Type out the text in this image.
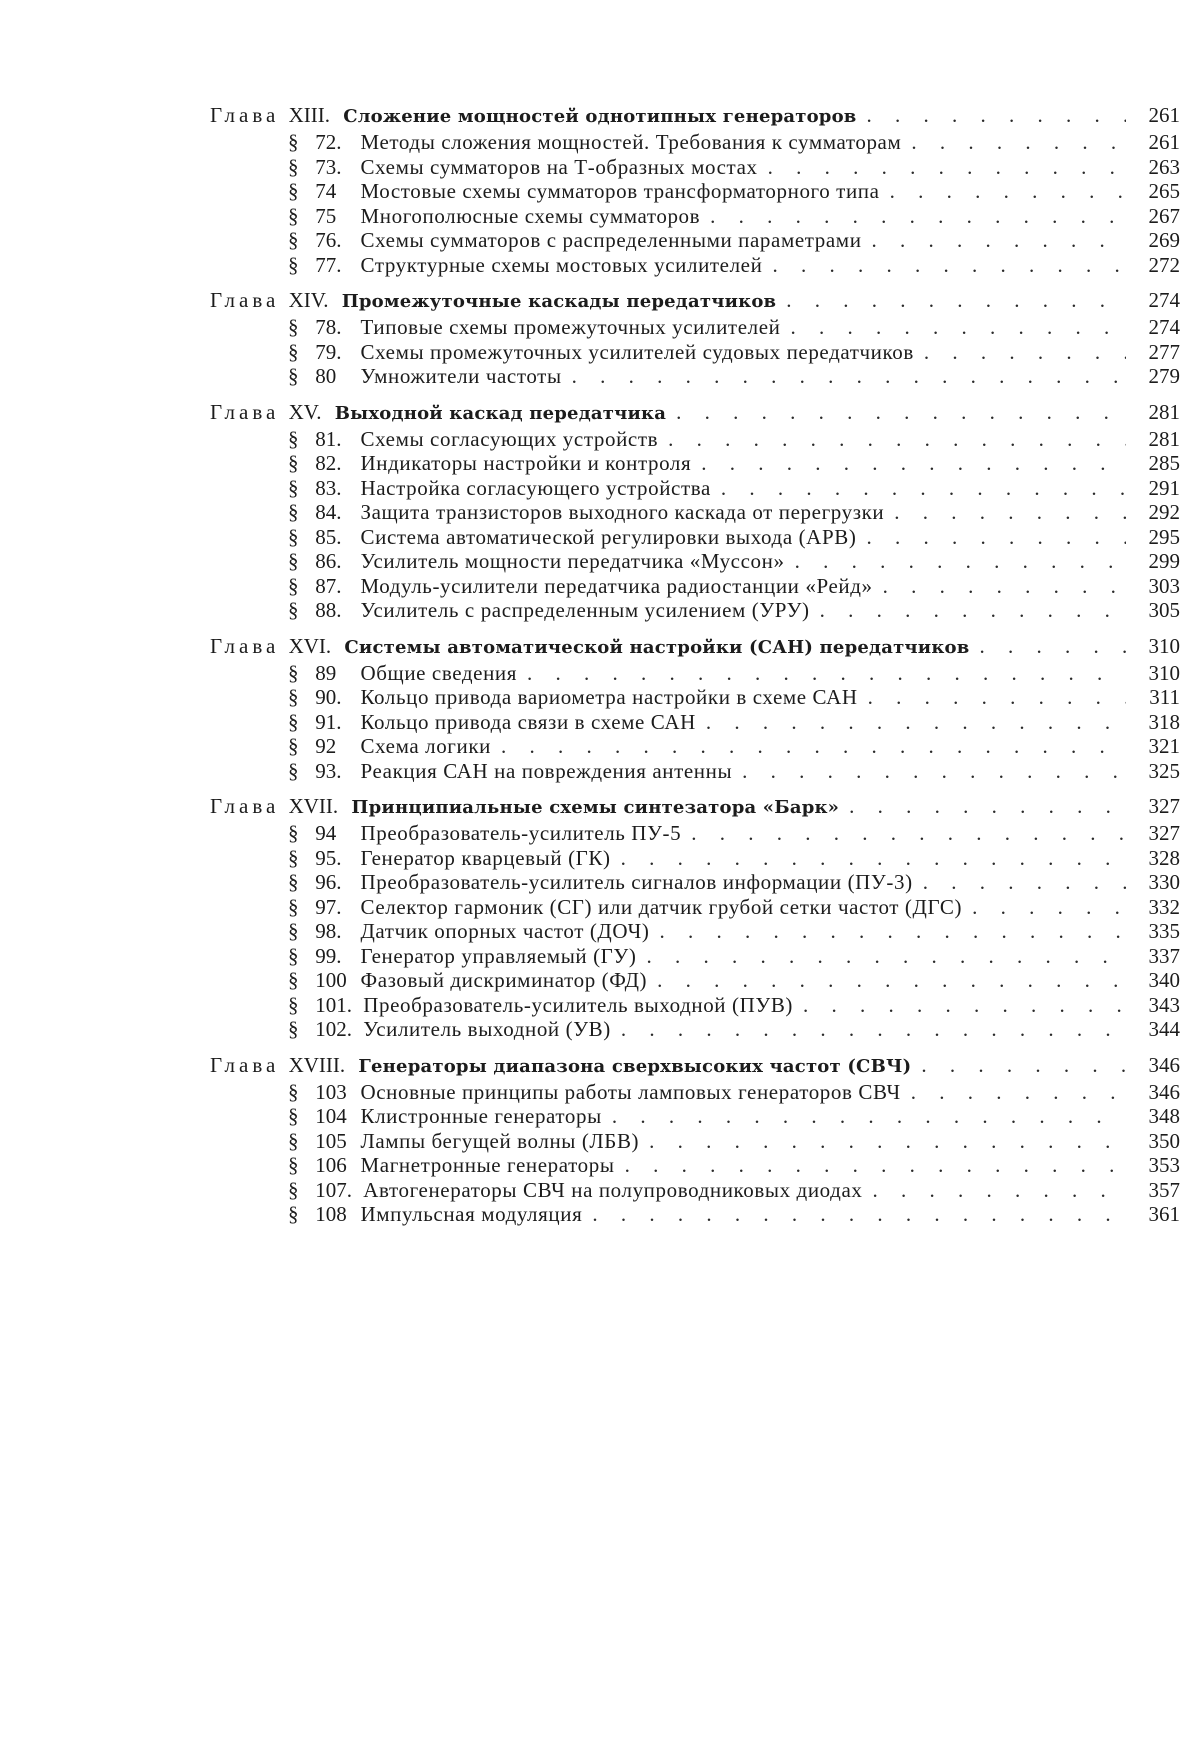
Глава XIII. Сложение мощностей однотипных генераторов
. . .	261
§ 72. Методы сложения мощностей. Требования к сумматорам
. . .	261
§ 73. Схемы сумматоров на Т-образных мостах
. . .	263
§ 74 Мостовые схемы сумматоров трансформаторного типа
. . .	265
§ 75 Многополюсные схемы сумматоров
. . .	267
§ 76. Схемы сумматоров с распределенными параметрами
. . .	269
§ 77. Структурные схемы мостовых усилителей
. . .	272
Глава XIV. Промежуточные каскады передатчиков
. . .	274
§ 78. Типовые схемы промежуточных усилителей
. . .	274
§ 79. Схемы промежуточных усилителей судовых передатчиков
. . .	277
§ 80 Умножители частоты
. . .	279
Глава XV. Выходной каскад передатчика
. . .	281
§ 81. Схемы согласующих устройств
. . .	281
§ 82. Индикаторы настройки и контроля
. . .	285
§ 83. Настройка согласующего устройства
. . .	291
§ 84. Защита транзисторов выходного каскада от перегрузки
. . .	292
§ 85. Система автоматической регулировки выхода (АРВ)
. . .	295
§ 86. Усилитель мощности передатчика «Муссон»
. . .	299
§ 87. Модуль-усилители передатчика радиостанции «Рейд»
. . .	303
§ 88. Усилитель с распределенным усилением (УРУ)
. . .	305
Глава XVI. Системы автоматической настройки (САН) передатчиков
. . .	310
§ 89 Общие сведения
. . .	310
§ 90. Кольцо привода вариометра настройки в схеме САН
. . .	311
§ 91. Кольцо привода связи в схеме САН
. . .	318
§ 92 Схема логики
. . .	321
§ 93. Реакция САН на повреждения антенны
. . .	325
Глава XVII. Принципиальные схемы синтезатора «Барк»
. . .	327
§ 94 Преобразователь-усилитель ПУ-5
. . .	327
§ 95. Генератор кварцевый (ГК)
. . .	328
§ 96. Преобразователь-усилитель сигналов информации (ПУ-3)
. . .	330
§ 97. Селектор гармоник (СГ) или датчик грубой сетки частот (ДГС)
. . .	332
§ 98. Датчик опорных частот (ДОЧ)
. . .	335
§ 99. Генератор управляемый (ГУ)
. . .	337
§ 100 Фазовый дискриминатор (ФД)
. . .	340
§ 101. Преобразователь-усилитель выходной (ПУВ)
. . .	343
§ 102. Усилитель выходной (УВ)
. . .	344
Глава XVIII. Генераторы диапазона сверхвысоких частот (СВЧ)
. . .	346
§ 103 Основные принципы работы ламповых генераторов СВЧ
. . .	346
§ 104 Клистронные генераторы
. . .	348
§ 105 Лампы бегущей волны (ЛБВ)
. . .	350
§ 106 Магнетронные генераторы
. . .	353
§ 107. Автогенераторы СВЧ на полупроводниковых диодах
. . .	357
§ 108 Импульсная модуляция
. . .	361
